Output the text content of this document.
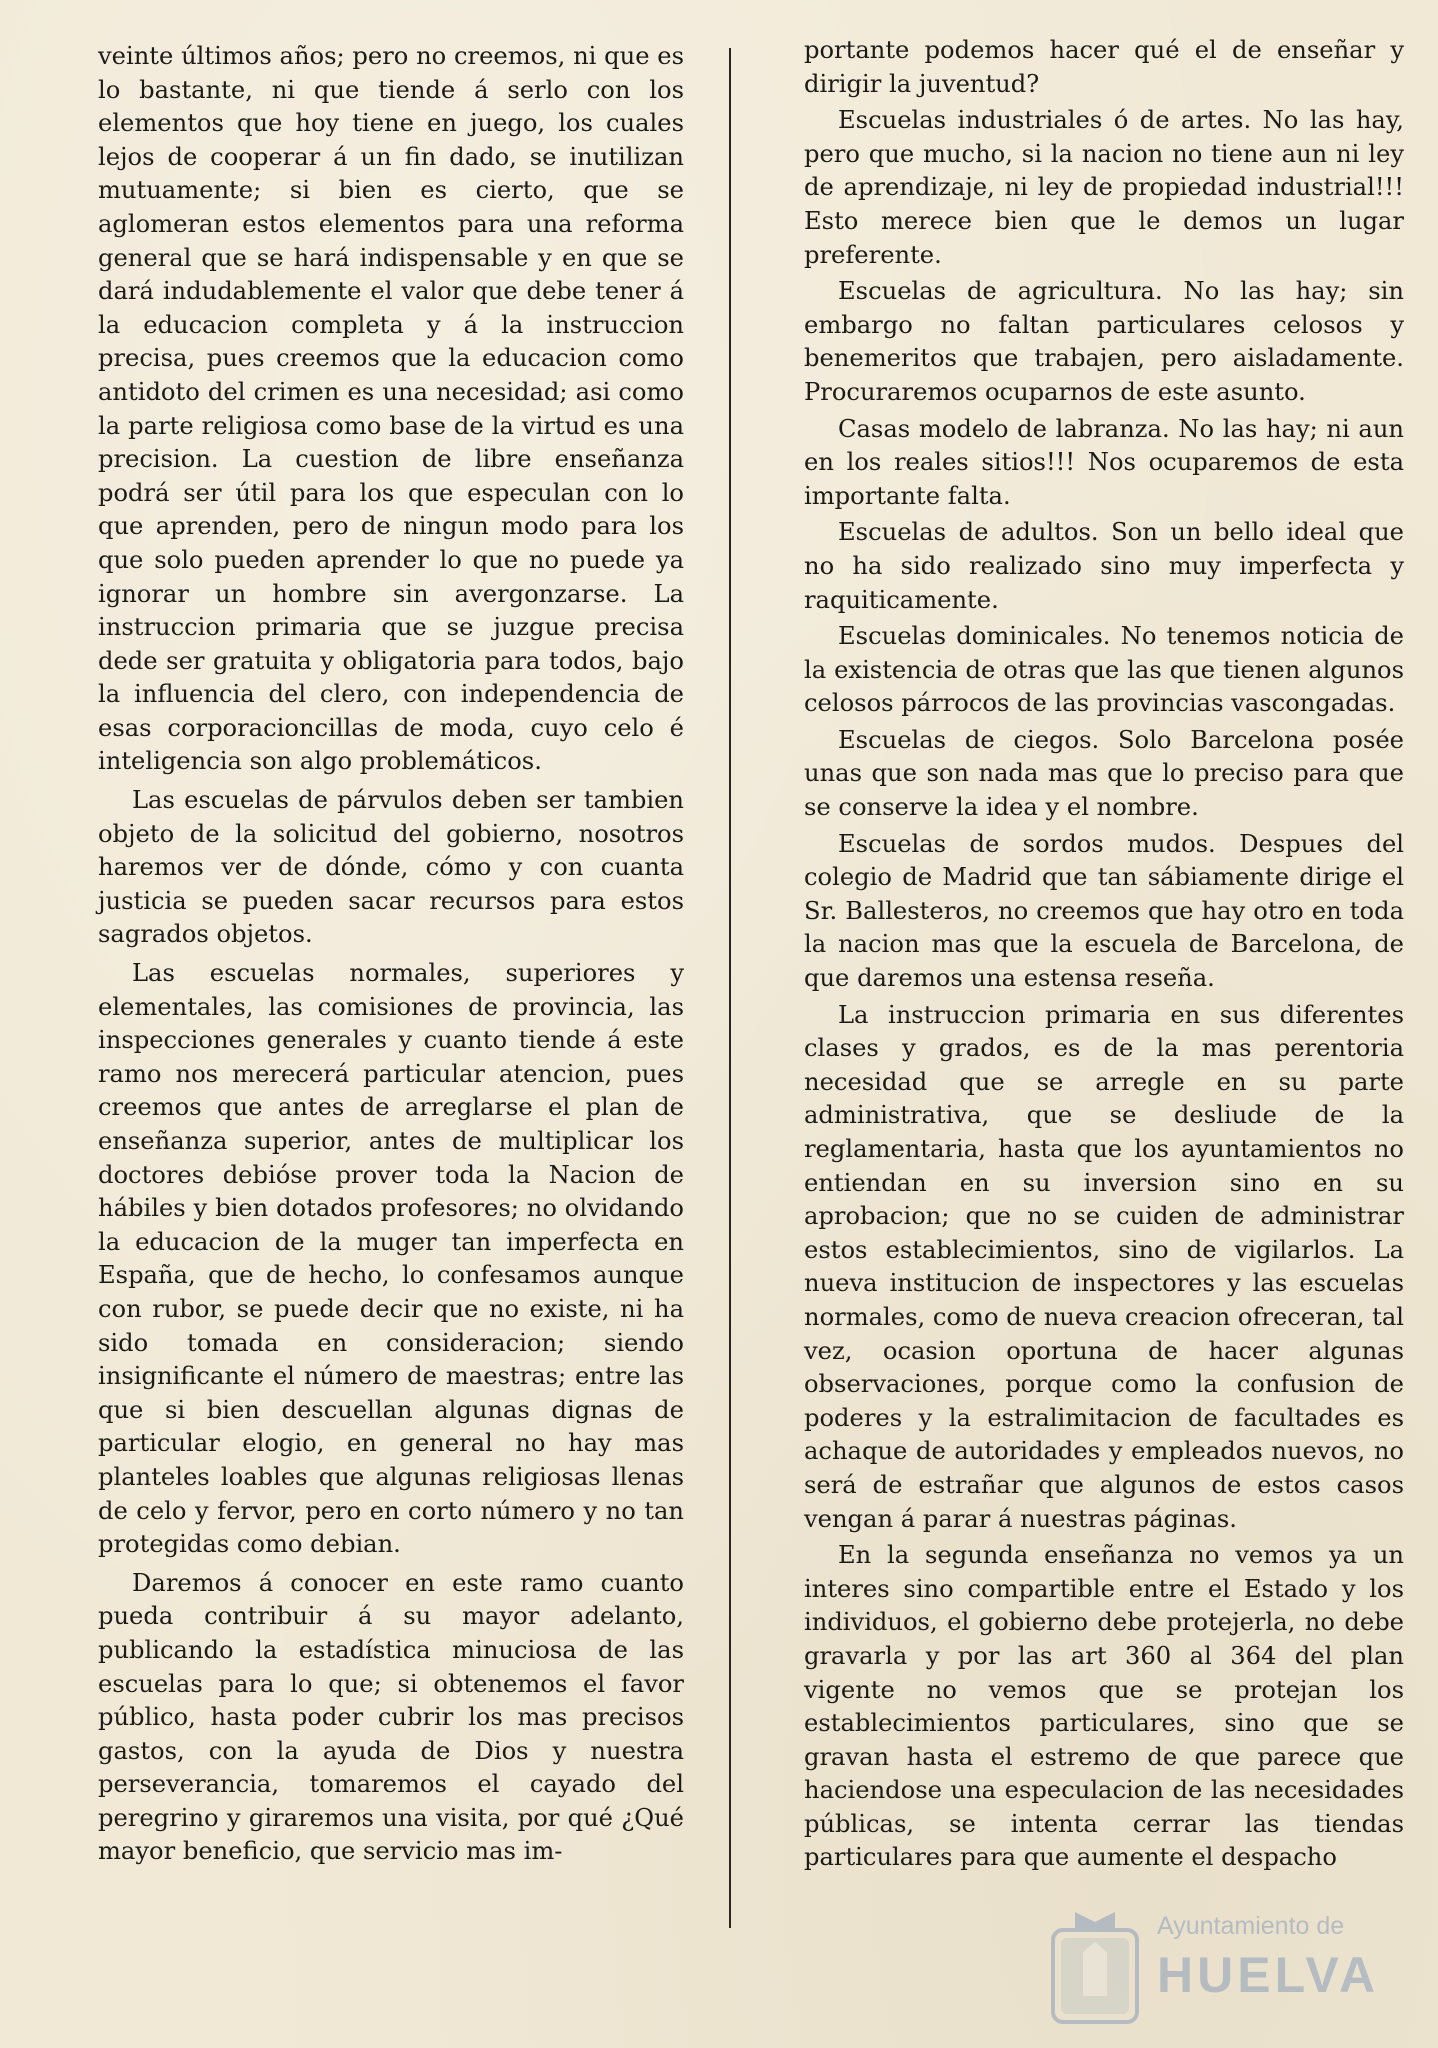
veinte últimos años; pero no creemos, ni que es lo bastante, ni que tiende á serlo con los elementos que hoy tiene en juego, los cuales lejos de cooperar á un fin dado, se inutilizan mutuamente; si bien es cierto, que se aglomeran estos elementos para una reforma general que se hará indispensable y en que se dará indudablemente el valor que debe tener á la educacion completa y á la instruccion precisa, pues creemos que la educacion como antidoto del crimen es una necesidad; asi como la parte religiosa como base de la virtud es una precision. La cuestion de libre enseñanza podrá ser útil para los que especulan con lo que aprenden, pero de ningun modo para los que solo pueden aprender lo que no puede ya ignorar un hombre sin avergonzarse. La instruccion primaria que se juzgue precisa dede ser gratuita y obligatoria para todos, bajo la influencia del clero, con independencia de esas corporacioncillas de moda, cuyo celo é inteligencia son algo problemáticos.

Las escuelas de párvulos deben ser tambien objeto de la solicitud del gobierno, nosotros haremos ver de dónde, cómo y con cuanta justicia se pueden sacar recursos para estos sagrados objetos.

Las escuelas normales, superiores y elementales, las comisiones de provincia, las inspecciones generales y cuanto tiende á este ramo nos merecerá particular atencion, pues creemos que antes de arreglarse el plan de enseñanza superior, antes de multiplicar los doctores debióse prover toda la Nacion de hábiles y bien dotados profesores; no olvidando la educacion de la muger tan imperfecta en España, que de hecho, lo confesamos aunque con rubor, se puede decir que no existe, ni ha sido tomada en consideracion; siendo insignificante el número de maestras; entre las que si bien descuellan algunas dignas de particular elogio, en general no hay mas planteles loables que algunas religiosas llenas de celo y fervor, pero en corto número y no tan protegidas como debian.

Daremos á conocer en este ramo cuanto pueda contribuir á su mayor adelanto, publicando la estadística minuciosa de las escuelas para lo que; si obtenemos el favor público, hasta poder cubrir los mas precisos gastos, con la ayuda de Dios y nuestra perseverancia, tomaremos el cayado del peregrino y giraremos una visita, por qué ¿Qué mayor beneficio, que servicio mas im-

portante podemos hacer qué el de enseñar y dirigir la juventud?

Escuelas industriales ó de artes. No las hay, pero que mucho, si la nacion no tiene aun ni ley de aprendizaje, ni ley de propiedad industrial!!! Esto merece bien que le demos un lugar preferente.

Escuelas de agricultura. No las hay; sin embargo no faltan particulares celosos y benemeritos que trabajen, pero aisladamente. Procuraremos ocuparnos de este asunto.

Casas modelo de labranza. No las hay; ni aun en los reales sitios!!! Nos ocuparemos de esta importante falta.

Escuelas de adultos. Son un bello ideal que no ha sido realizado sino muy imperfecta y raquiticamente.

Escuelas dominicales. No tenemos noticia de la existencia de otras que las que tienen algunos celosos párrocos de las provincias vascongadas.

Escuelas de ciegos. Solo Barcelona posée unas que son nada mas que lo preciso para que se conserve la idea y el nombre.

Escuelas de sordos mudos. Despues del colegio de Madrid que tan sábiamente dirige el Sr. Ballesteros, no creemos que hay otro en toda la nacion mas que la escuela de Barcelona, de que daremos una estensa reseña.

La instruccion primaria en sus diferentes clases y grados, es de la mas perentoria necesidad que se arregle en su parte administrativa, que se desliude de la reglamentaria, hasta que los ayuntamientos no entiendan en su inversion sino en su aprobacion; que no se cuiden de administrar estos establecimientos, sino de vigilarlos. La nueva institucion de inspectores y las escuelas normales, como de nueva creacion ofreceran, tal vez, ocasion oportuna de hacer algunas observaciones, porque como la confusion de poderes y la estralimitacion de facultades es achaque de autoridades y empleados nuevos, no será de estrañar que algunos de estos casos vengan á parar á nuestras páginas.

En la segunda enseñanza no vemos ya un interes sino compartible entre el Estado y los individuos, el gobierno debe protejerla, no debe gravarla y por las art 360 al 364 del plan vigente no vemos que se protejan los establecimientos particulares, sino que se gravan hasta el estremo de que parece que haciendose una especulacion de las necesidades públicas, se intenta cerrar las tiendas particulares para que aumente el despacho

Ayuntamiento de
HUELVA
